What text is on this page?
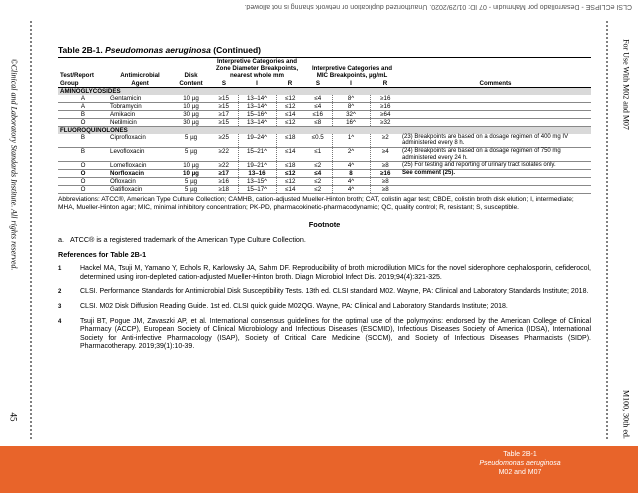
CLSI eCLIPSE - Desarrollado por Mahmudin - 07 ID: 01/29/2020. Unauthorized duplication or network sharing is not allowed.
©Clinical and Laboratory Standards Institute. All rights reserved.
45
For Use With M02 and M07
M100, 30th ed.
Table 2B-1. Pseudomonas aeruginosa (Continued)
Test/Report
Group	Antimicrobial
Agent	Disk
Content	Interpretive Categories and
Zone Diameter Breakpoints, nearest whole mm			Interpretive Categories and
MIC Breakpoints, µg/mL			Comments
			S	I	R	S	I	R	
AMINOGLYCOSIDES									
A	Gentamicin	10 µg	≥15	13–14^	≤12	≤4	8^	≥16	
A	Tobramycin	10 µg	≥15	13–14^	≤12	≤4	8^	≥16	
B	Amikacin	30 µg	≥17	15–16^	≤14	≤16	32^	≥64	
O	Netilmicin	30 µg	≥15	13–14^	≤12	≤8	16^	≥32	
FLUOROQUINOLONES									
B	Ciprofloxacin	5 µg	≥25	19–24^	≤18	≤0.5	1^	≥2	(23) Breakpoints are based on a dosage regimen of 400 mg IV administered every 8 h.
B	Levofloxacin	5 µg	≥22	15–21^	≤14	≤1	2^	≥4	(24) Breakpoints are based on a dosage regimen of 750 mg administered every 24 h.
O	Lomefloxacin	10 µg	≥22	19–21^	≤18	≤2	4^	≥8	(25) For testing and reporting of urinary tract isolates only.
O	Norfloxacin	10 µg	≥17	13–16	≤12	≤4	8	≥16	See comment (25).
O	Ofloxacin	5 µg	≥16	13–15^	≤12	≤2	4^	≥8	
O	Gatifloxacin	5 µg	≥18	15–17^	≤14	≤2	4^	≥8	
Abbreviations: ATCC®, American Type Culture Collection; CAMHB, cation-adjusted Mueller-Hinton broth; CAT, colistin agar test; CBDE, colistin broth disk elution; I, intermediate; MHA, Mueller-Hinton agar; MIC, minimal inhibitory concentration; PK-PD, pharmacokinetic-pharmacodynamic; QC, quality control; R, resistant; S, susceptible.
Footnote
a. ATCC® is a registered trademark of the American Type Culture Collection.
References for Table 2B-1
1	Hackel MA, Tsuji M, Yamano Y, Echols R, Karlowsky JA, Sahm DF. Reproducibility of broth microdilution MICs for the novel siderophore cephalosporin, cefiderocol, determined using iron-depleted cation-adjusted Mueller-Hinton broth. Diagn Microbiol Infect Dis. 2019;94(4):321-325.
2	CLSI. Performance Standards for Antimicrobial Disk Susceptibility Tests. 13th ed. CLSI standard M02. Wayne, PA: Clinical and Laboratory Standards Institute; 2018.
3	CLSI. M02 Disk Diffusion Reading Guide. 1st ed. CLSI quick guide M02QG. Wayne, PA: Clinical and Laboratory Standards Institute; 2018.
4	Tsuji BT, Pogue JM, Zavaszki AP, et al. International consensus guidelines for the optimal use of the polymyxins: endorsed by the American College of Clinical Pharmacy (ACCP), European Society of Clinical Microbiology and Infectious Diseases (ESCMID), Infectious Diseases Society of America (IDSA), International Society for Anti-infective Pharmacology (ISAP), Society of Critical Care Medicine (SCCM), and Society of Infectious Diseases Pharmacists (SIDP). Pharmacotherapy. 2019;39(1):10-39.
Table 2B-1
Pseudomonas aeruginosa
M02 and M07
